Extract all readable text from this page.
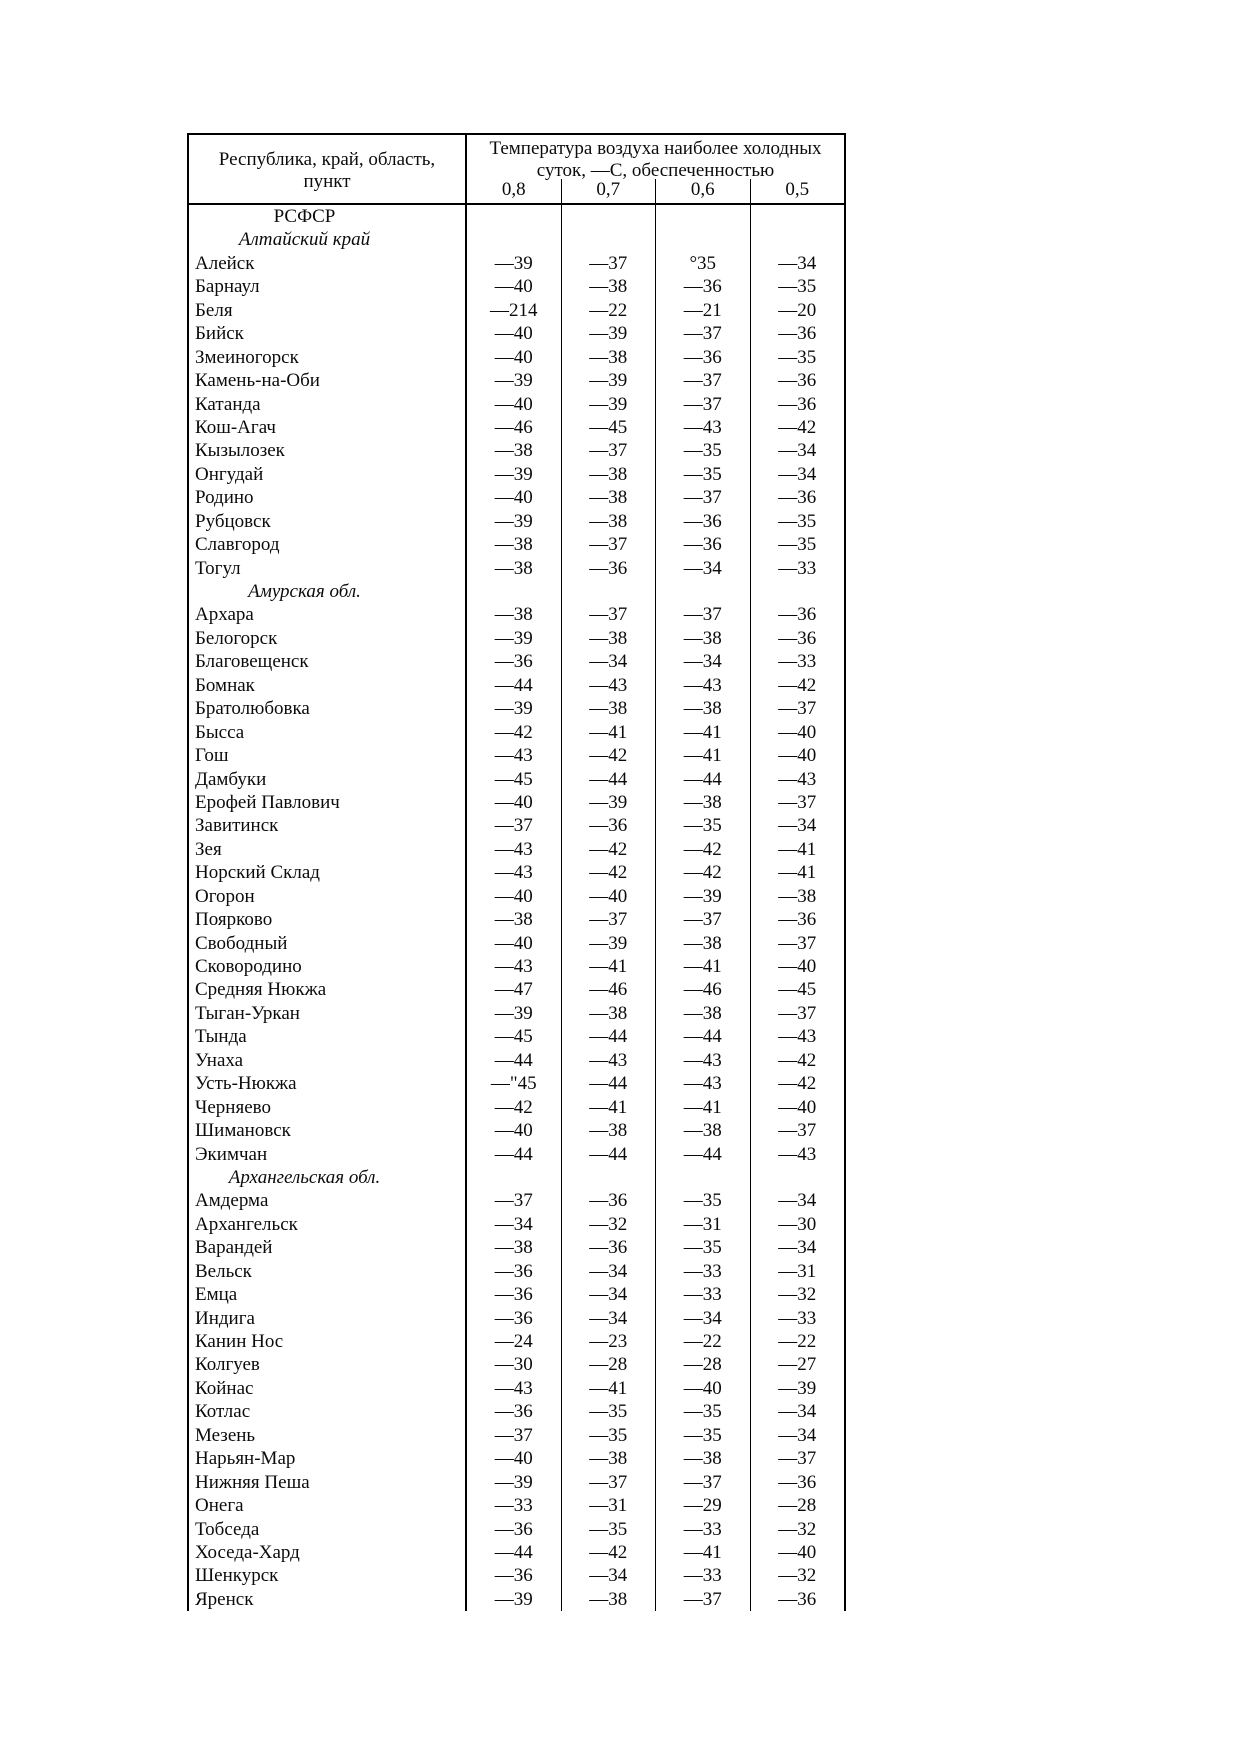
Республика, край, область,
пункт
Температура воздуха наиболее холодных
суток, —С, обеспеченностью
0,8	0,7	0,6	0,5
РСФСР
Алтайский край
Алейск	—39	—37	°35	—34
Барнаул	—40	—38	—36	—35
Беля	—214	—22	—21	—20
Бийск	—40	—39	—37	—36
Змеиногорск	—40	—38	—36	—35
Камень-на-Оби	—39	—39	—37	—36
Катанда	—40	—39	—37	—36
Кош-Агач	—46	—45	—43	—42
Кызылозек	—38	—37	—35	—34
Онгудай	—39	—38	—35	—34
Родино	—40	—38	—37	—36
Рубцовск	—39	—38	—36	—35
Славгород	—38	—37	—36	—35
Тогул	—38	—36	—34	—33
Амурская обл.
Архара	—38	—37	—37	—36
Белогорск	—39	—38	—38	—36
Благовещенск	—36	—34	—34	—33
Бомнак	—44	—43	—43	—42
Братолюбовка	—39	—38	—38	—37
Бысса	—42	—41	—41	—40
Гош	—43	—42	—41	—40
Дамбуки	—45	—44	—44	—43
Ерофей Павлович	—40	—39	—38	—37
Завитинск	—37	—36	—35	—34
Зея	—43	—42	—42	—41
Норский Склад	—43	—42	—42	—41
Огорон	—40	—40	—39	—38
Поярково	—38	—37	—37	—36
Свободный	—40	—39	—38	—37
Сковородино	—43	—41	—41	—40
Средняя Нюкжа	—47	—46	—46	—45
Тыган-Уркан	—39	—38	—38	—37
Тында	—45	—44	—44	—43
Унаха	—44	—43	—43	—42
Усть-Нюкжа	—"45	—44	—43	—42
Черняево	—42	—41	—41	—40
Шимановск	—40	—38	—38	—37
Экимчан	—44	—44	—44	—43
Архангельская обл.
Амдерма	—37	—36	—35	—34
Архангельск	—34	—32	—31	—30
Варандей	—38	—36	—35	—34
Вельск	—36	—34	—33	—31
Емца	—36	—34	—33	—32
Индига	—36	—34	—34	—33
Канин Нос	—24	—23	—22	—22
Колгуев	—30	—28	—28	—27
Койнас	—43	—41	—40	—39
Котлас	—36	—35	—35	—34
Мезень	—37	—35	—35	—34
Нарьян-Мар	—40	—38	—38	—37
Нижняя Пеша	—39	—37	—37	—36
Онега	—33	—31	—29	—28
Тобседа	—36	—35	—33	—32
Хоседа-Хард	—44	—42	—41	—40
Шенкурск	—36	—34	—33	—32
Яренск	—39	—38	—37	—36
